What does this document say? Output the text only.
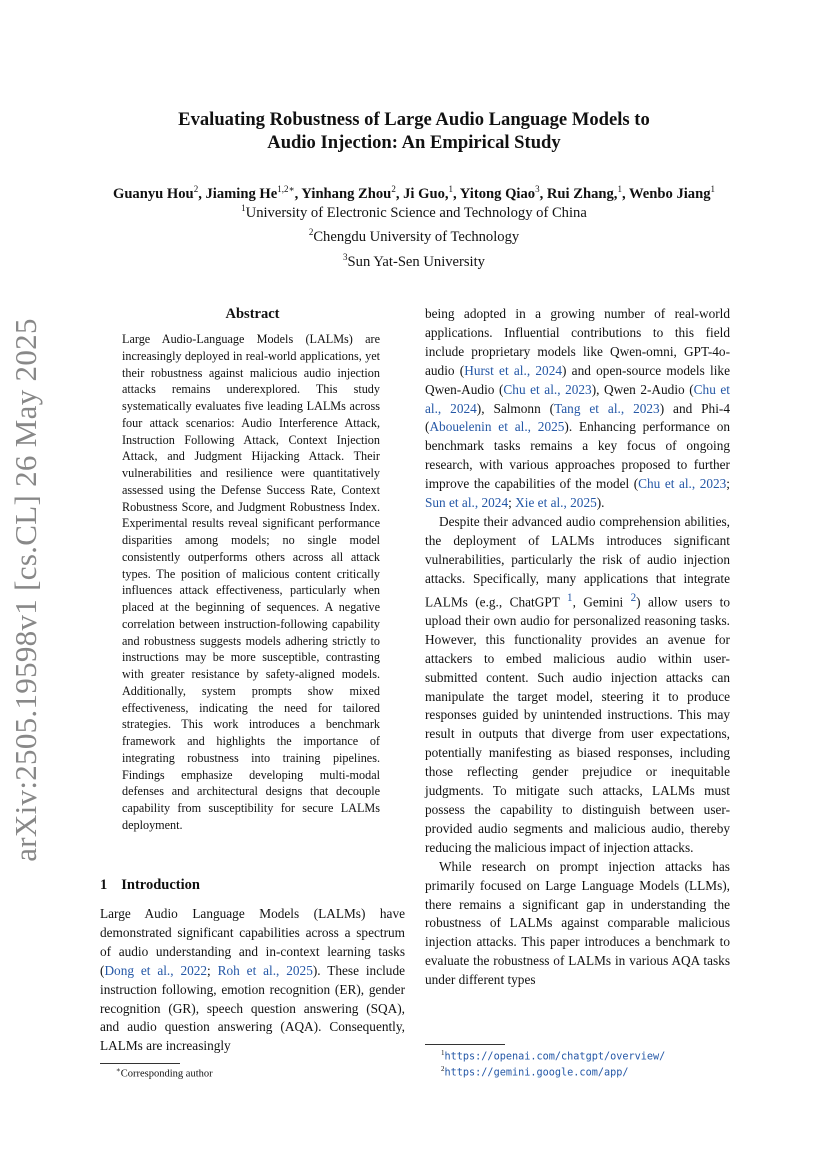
arXiv:2505.19598v1 [cs.CL] 26 May 2025
Evaluating Robustness of Large Audio Language Models to
Audio Injection: An Empirical Study
Guanyu Hou$^2$, Jiaming $He^{1,2∗}$, Yinhang Zhou$^2$, Ji Guo,$^1$, Yitong Qiao$^3$, Rui Zhang,$^1$, Wenbo Jiang$^1$
$^1$University of Electronic Science and Technology of China
$^2$Chengdu University of Technology
$^3$Sun Yat-Sen University
Abstract
Large Audio-Language Models (LALMs) are increasingly deployed in real-world applications, yet their robustness against malicious audio injection attacks remains underexplored. This study systematically evaluates five leading LALMs across four attack scenarios: Audio Interference Attack, Instruction Following Attack, Context Injection Attack, and Judgment Hijacking Attack. Their vulnerabilities and resilience were quantitatively assessed using the Defense Success Rate, Context Robustness Score, and Judgment Robustness Index. Experimental results reveal significant performance disparities among models; no single model consistently outperforms others across all attack types. The position of malicious content critically influences attack effectiveness, particularly when placed at the beginning of sequences. A negative correlation between instruction-following capability and robustness suggests models adhering strictly to instructions may be more susceptible, contrasting with greater resistance by safety-aligned models. Additionally, system prompts show mixed effectiveness, indicating the need for tailored strategies. This work introduces a benchmark framework and highlights the importance of integrating robustness into training pipelines. Findings emphasize developing multi-modal defenses and architectural designs that decouple capability from susceptibility for secure LALMs deployment.
1 Introduction

Large Audio Language Models (LALMs) have demonstrated significant capabilities across a spectrum of audio understanding and in-context learning tasks (Dong et al., 2022; Roh et al., 2025). These include instruction following, emotion recognition (ER), gender recognition (GR), speech question answering (SQA), and audio question answering (AQA). Consequently, LALMs are increasingly

∗Corresponding author

being adopted in a growing number of real-world applications. Influential contributions to this field include proprietary models like Qwen-omni, GPT-4o-audio (Hurst et al., 2024) and open-source models like Qwen-Audio (Chu et al., 2023), Qwen 2-Audio (Chu et al., 2024), Salmonn (Tang et al., 2023) and Phi-4 (Abouelenin et al., 2025). Enhancing performance on benchmark tasks remains a key focus of ongoing research, with various approaches proposed to further improve the capabilities of the model (Chu et al., 2023; Sun et al., 2024; Xie et al., 2025).

Despite their advanced audio comprehension abilities, the deployment of LALMs introduces significant vulnerabilities, particularly the risk of audio injection attacks. Specifically, many applications that integrate LALMs (e.g., ChatGPT $^1$, Gemini $^2$) allow users to upload their own audio for personalized reasoning tasks. However, this functionality provides an avenue for attackers to embed malicious audio within user-submitted content. Such audio injection attacks can manipulate the target model, steering it to produce responses guided by unintended instructions. This may result in outputs that diverge from user expectations, potentially manifesting as biased responses, including those reflecting gender prejudice or inequitable judgments. To mitigate such attacks, LALMs must possess the capability to distinguish between user-provided audio segments and malicious audio, thereby reducing the malicious impact of injection attacks.

While research on prompt injection attacks has primarily focused on Large Language Models (LLMs), there remains a significant gap in understanding the robustness of LALMs against comparable malicious injection attacks. This paper introduces a benchmark to evaluate the robustness of LALMs in various AQA tasks under different types

$^1$https://openai.com/chatgpt/overview/
$^2$https://gemini.google.com/app/
